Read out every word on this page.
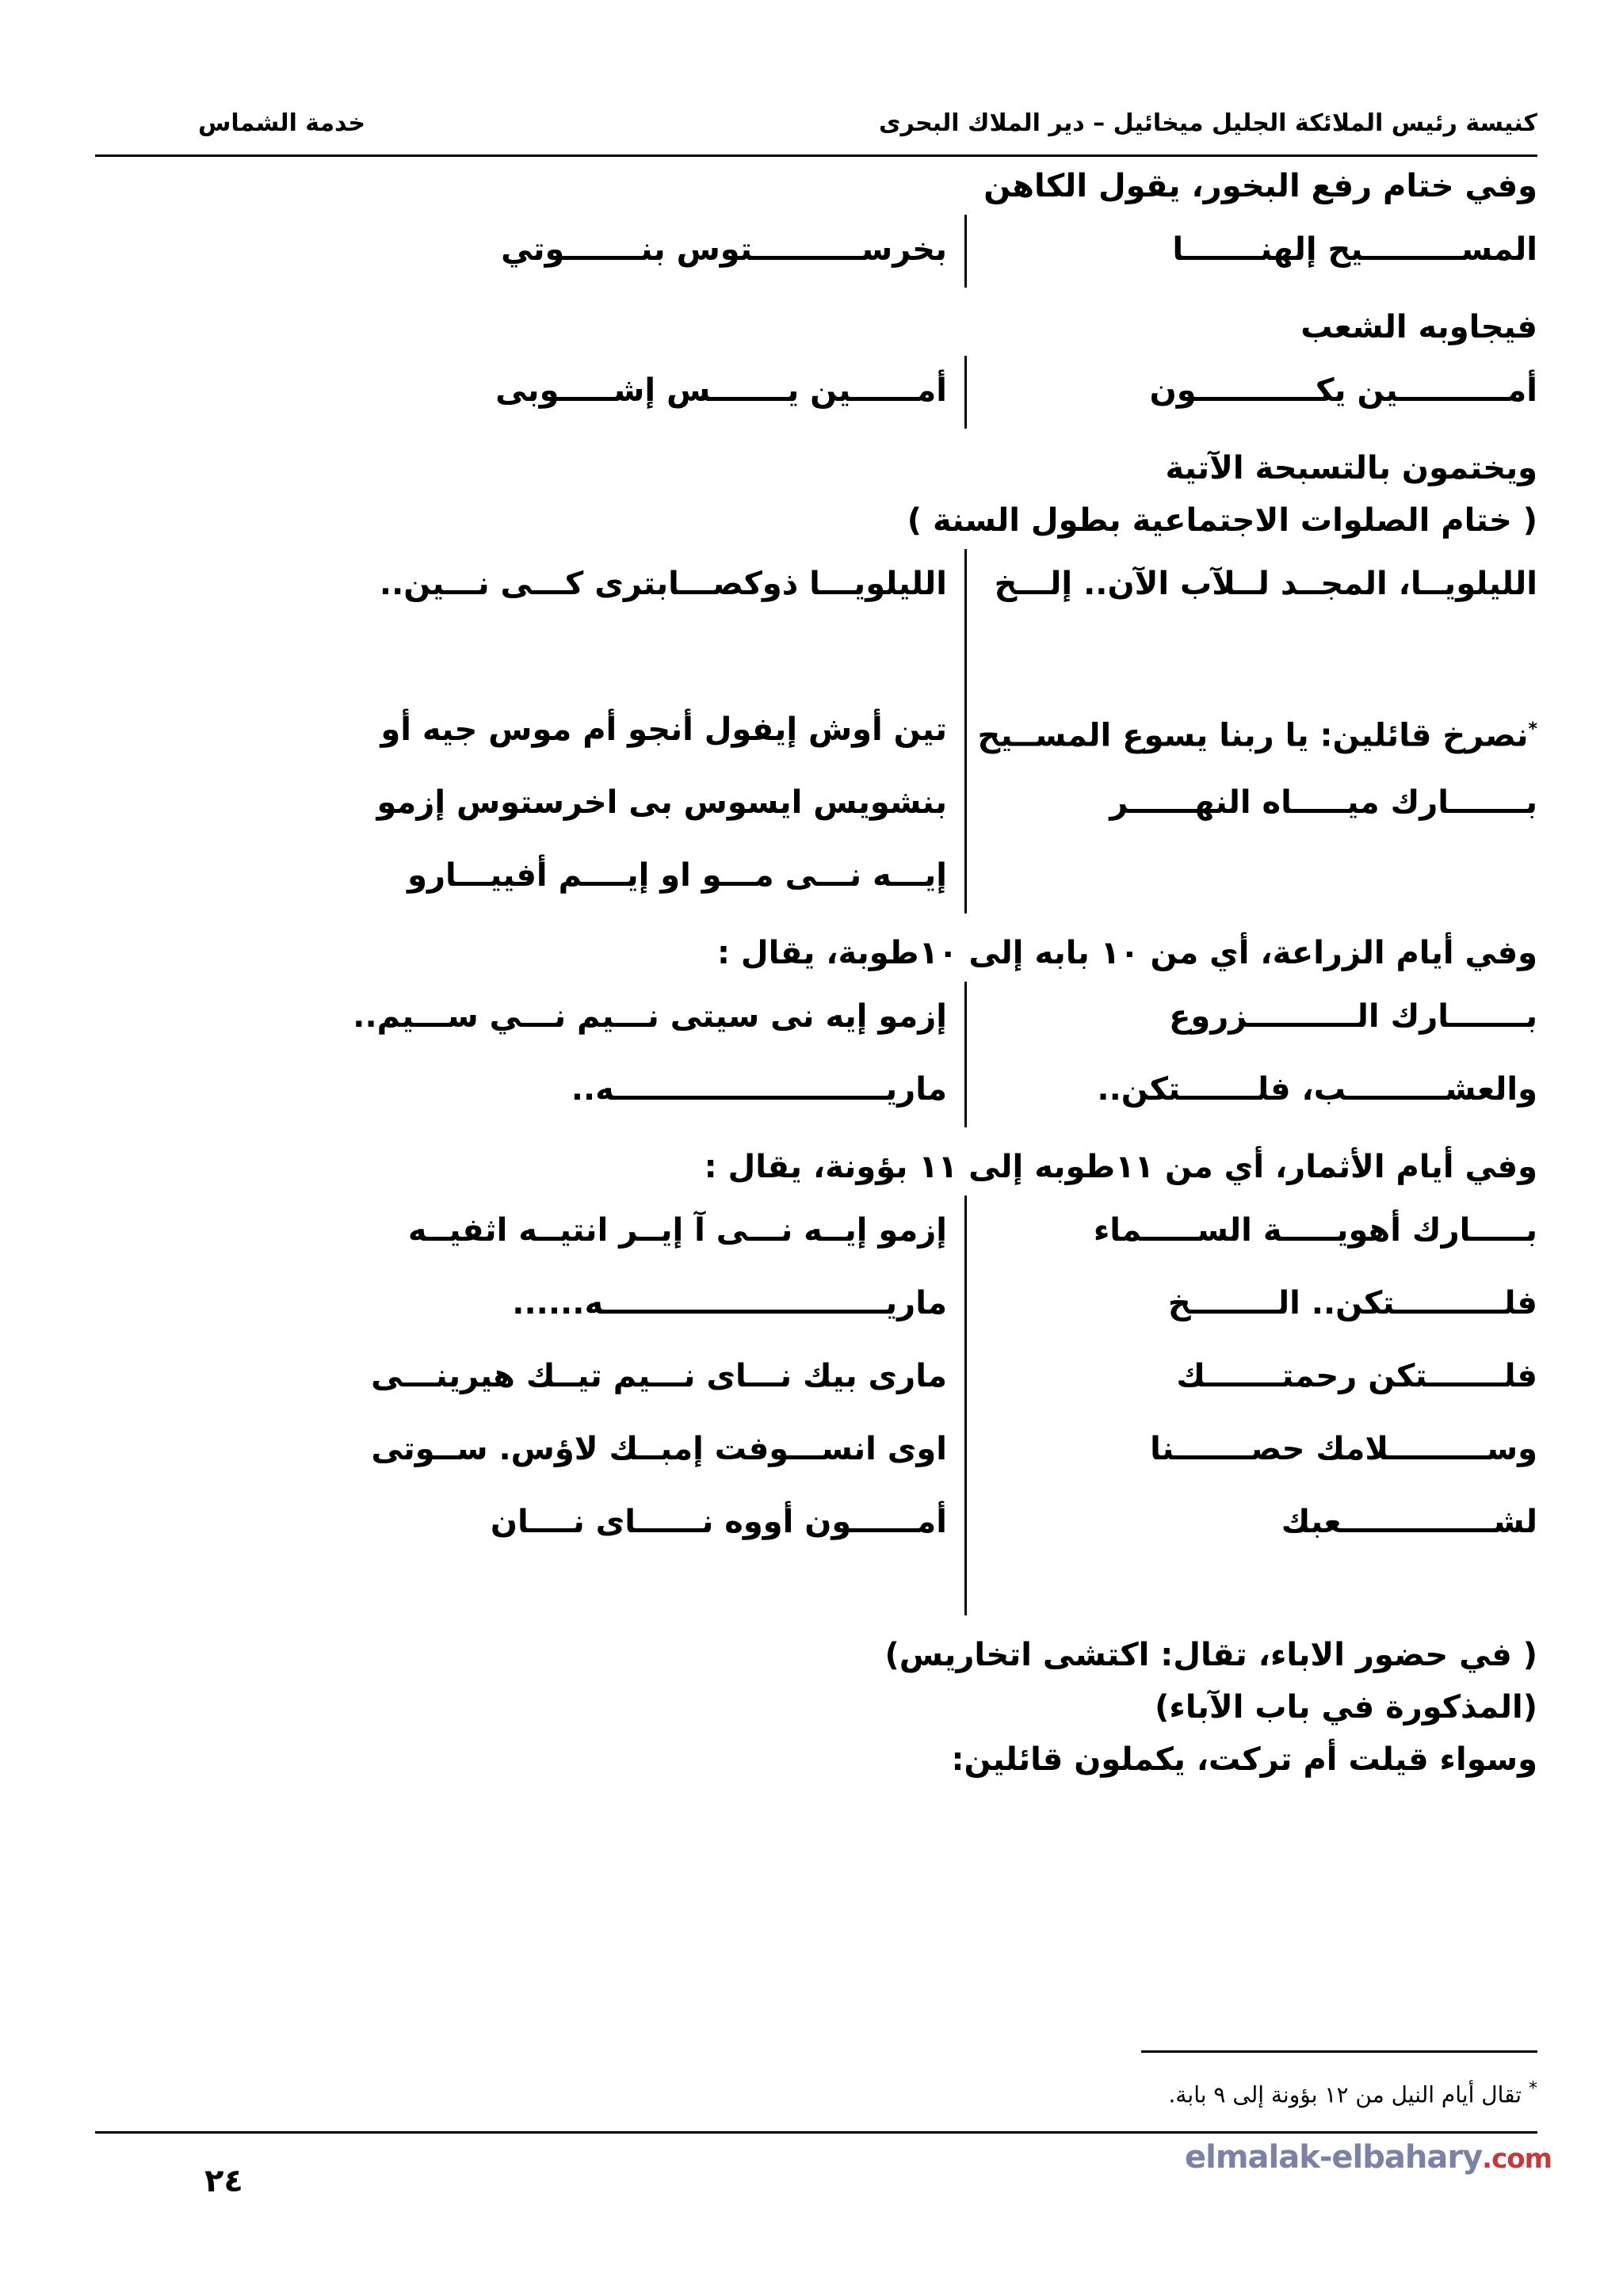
كنيسة رئيس الملائكة الجليل ميخائيل – دير الملاك البحرى
خدمة الشماس
وفي ختام رفع البخور، يقول الكاهن
المســـــــــيح إلهنـــــــا
بخرســــــــــتوس بنـــــــوتي
فيجاوبه الشعب
أمــــــــــين يكـــــــــــون
أمــــــين يـــــــس إشـــــوبى
ويختمون بالتسبحة الآتية
( ختام الصلوات الاجتماعية بطول السنة )
الليلويــا، المجــد لــلآب الآن.. إلـــخ
الليلويـــا ذوكصـــابترى كـــى نـــين..
*نصرخ قائلين: يا ربنا يسوع المســيح
تين أوش إيفول أنجو أم موس جيه أو
بـــــــارك ميـــــاه النهــــــر
بنشويس ايسوس بى اخرستوس إزمو
إيـــه نـــى مـــو او إيــــم أفييـــارو
وفي أيام الزراعة، أي من ١٠ بابه إلى ١٠طوبة، يقال :
بـــــــارك الــــــــــزروع
إزمو إيه نى سيتى نـــيم نـــي ســـيم..
والعشـــــــــب، فلـــــــتكن..
ماريـــــــــــــــــــــــــه..
وفي أيام الأثمار، أي من ١١طوبه إلى ١١ بؤونة، يقال :
بـــــارك أهويـــــة الســـــماء
إزمو إيــه نـــى آ إيــر انتيــه اثفيــه
فلــــــــــتكن.. الــــــــخ
ماريــــــــــــــــــــــــــه......
فلـــــــتكن رحمتـــــــك
مارى بيك نـــاى نـــيم تيــك هيرينـــى
وســـــــــلامك حصـــــــنا
اوى انســـوفت إمبــك لاؤس. ســوتى
لشــــــــــــــعبك
أمــــــون أووه نــــــاى نــــان
( في حضور الاباء، تقال: اكتشى اتخاريس)
(المذكورة في باب الآباء)
وسواء قيلت أم تركت، يكملون قائلين:
* تقال أيام النيل من ١٢ بؤونة إلى ٩ بابة.
٢٤
elmalak-elbahary.com
